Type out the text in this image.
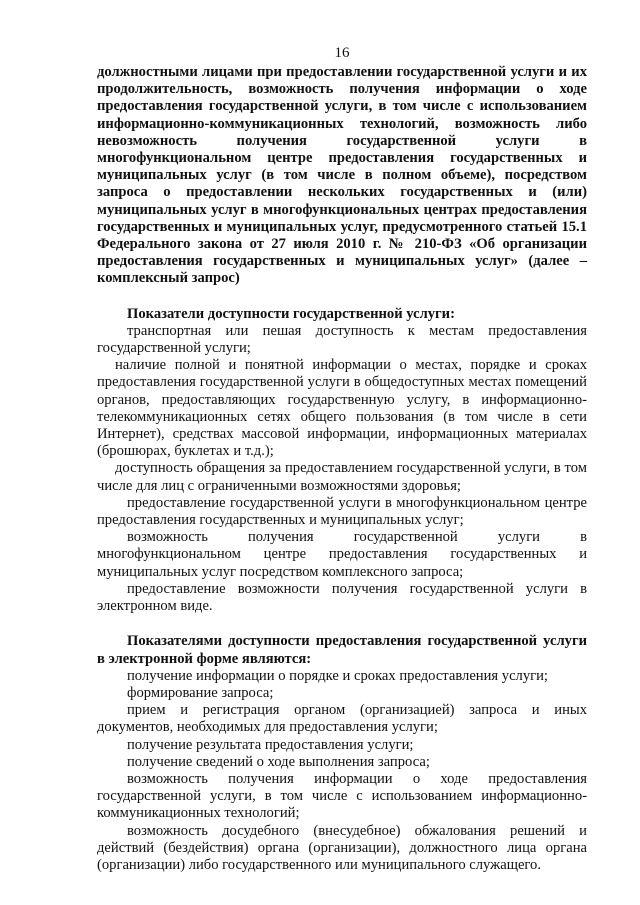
16

должностными лицами при предоставлении государственной услуги и их продолжительность, возможность получения информации о ходе предоставления государственной услуги, в том числе с использованием информационно-коммуникационных технологий, возможность либо невозможность получения государственной услуги в многофункциональном центре предоставления государственных и муниципальных услуг (в том числе в полном объеме), посредством запроса о предоставлении нескольких государственных и (или) муниципальных услуг в многофункциональных центрах предоставления государственных и муниципальных услуг, предусмотренного статьей 15.1 Федерального закона от 27 июля 2010 г. № 210-ФЗ «Об организации предоставления государственных и муниципальных услуг» (далее – комплексный запрос)

Показатели доступности государственной услуги:

транспортная или пешая доступность к местам предоставления государственной услуги;

наличие полной и понятной информации о местах, порядке и сроках предоставления государственной услуги в общедоступных местах помещений органов, предоставляющих государственную услугу, в информационно-телекоммуникационных сетях общего пользования (в том числе в сети Интернет), средствах массовой информации, информационных материалах (брошюрах, буклетах и т.д.);

доступность обращения за предоставлением государственной услуги, в том числе для лиц с ограниченными возможностями здоровья;

предоставление государственной услуги в многофункциональном центре предоставления государственных и муниципальных услуг;

возможность получения государственной услуги в многофункциональном центре предоставления государственных и муниципальных услуг посредством комплексного запроса;

предоставление возможности получения государственной услуги в электронном виде.

Показателями доступности предоставления государственной услуги в электронной форме являются:

получение информации о порядке и сроках предоставления услуги;

формирование запроса;

прием и регистрация органом (организацией) запроса и иных документов, необходимых для предоставления услуги;

получение результата предоставления услуги;

получение сведений о ходе выполнения запроса;

возможность получения информации о ходе предоставления государственной услуги, в том числе с использованием информационно-коммуникационных технологий;

возможность досудебного (внесудебное) обжалования решений и действий (бездействия) органа (организации), должностного лица органа (организации) либо государственного или муниципального служащего.
